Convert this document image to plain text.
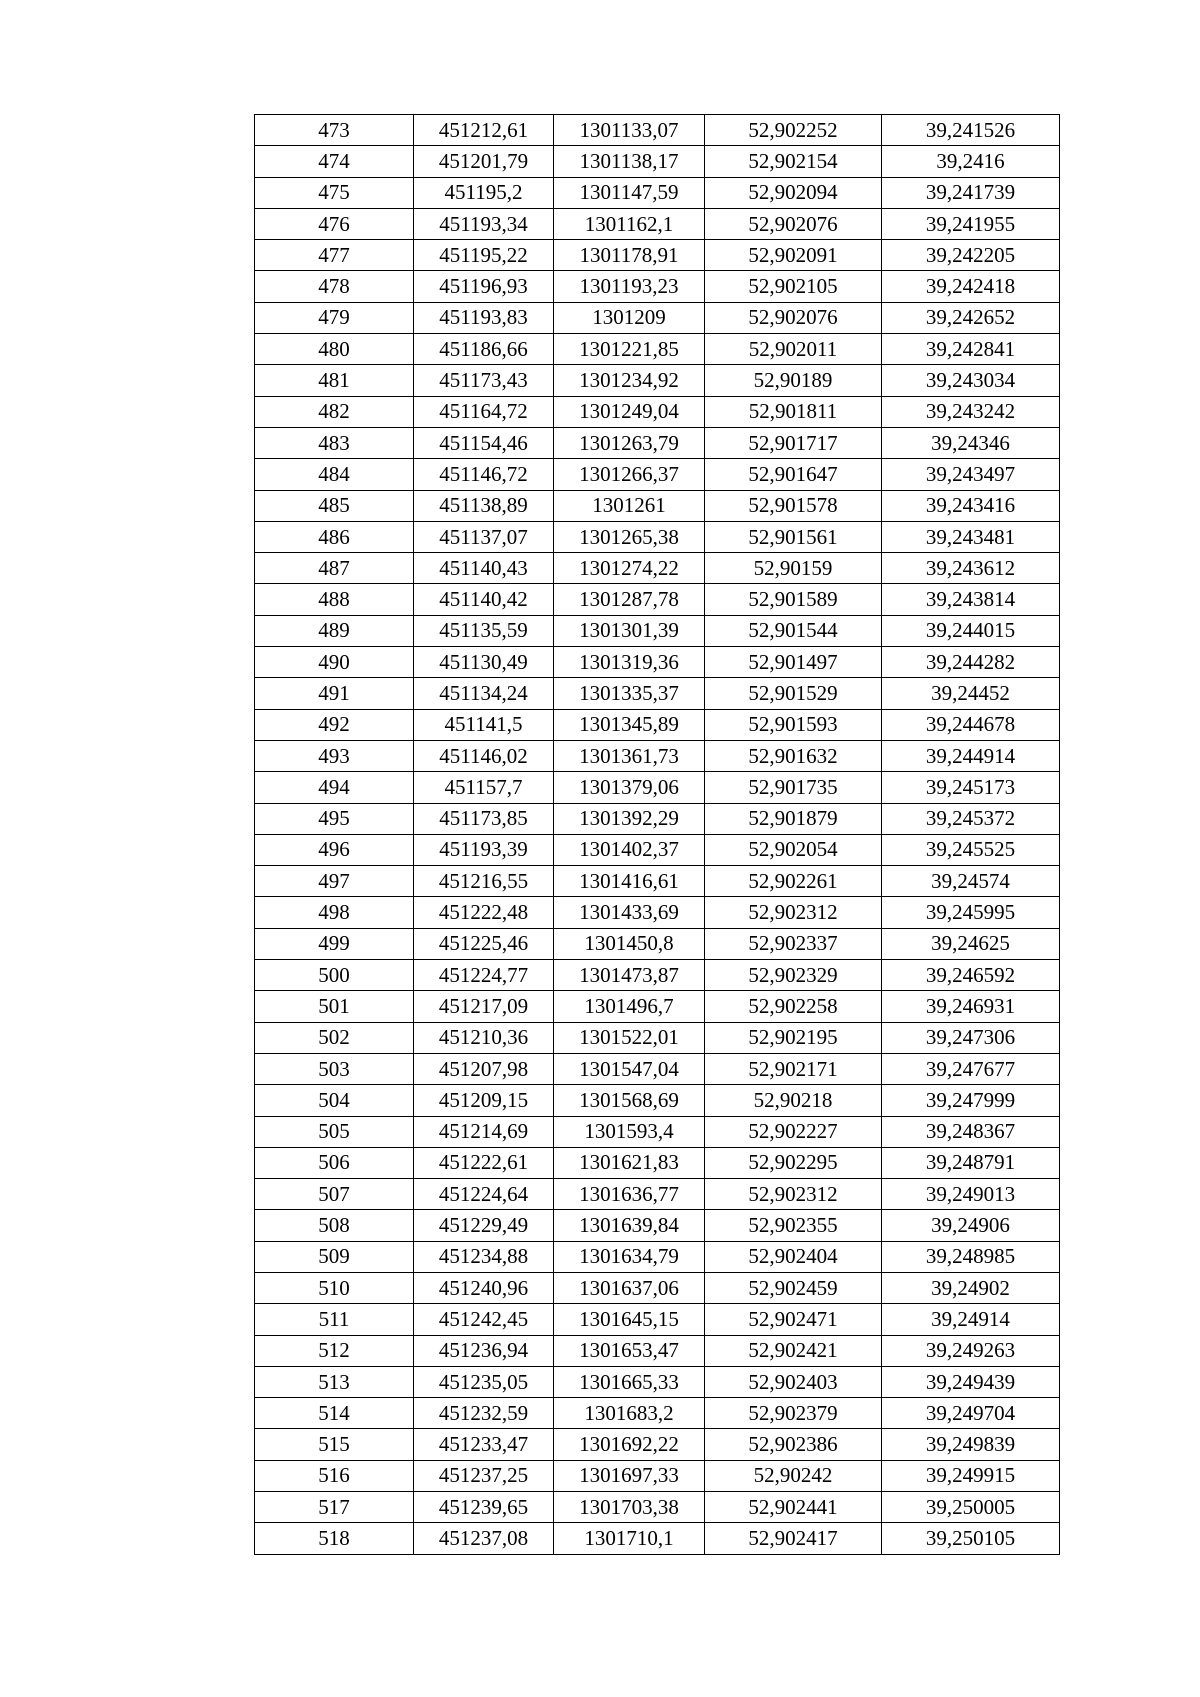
473	451212,61	1301133,07	52,902252	39,241526
474	451201,79	1301138,17	52,902154	39,2416
475	451195,2	1301147,59	52,902094	39,241739
476	451193,34	1301162,1	52,902076	39,241955
477	451195,22	1301178,91	52,902091	39,242205
478	451196,93	1301193,23	52,902105	39,242418
479	451193,83	1301209	52,902076	39,242652
480	451186,66	1301221,85	52,902011	39,242841
481	451173,43	1301234,92	52,90189	39,243034
482	451164,72	1301249,04	52,901811	39,243242
483	451154,46	1301263,79	52,901717	39,24346
484	451146,72	1301266,37	52,901647	39,243497
485	451138,89	1301261	52,901578	39,243416
486	451137,07	1301265,38	52,901561	39,243481
487	451140,43	1301274,22	52,90159	39,243612
488	451140,42	1301287,78	52,901589	39,243814
489	451135,59	1301301,39	52,901544	39,244015
490	451130,49	1301319,36	52,901497	39,244282
491	451134,24	1301335,37	52,901529	39,24452
492	451141,5	1301345,89	52,901593	39,244678
493	451146,02	1301361,73	52,901632	39,244914
494	451157,7	1301379,06	52,901735	39,245173
495	451173,85	1301392,29	52,901879	39,245372
496	451193,39	1301402,37	52,902054	39,245525
497	451216,55	1301416,61	52,902261	39,24574
498	451222,48	1301433,69	52,902312	39,245995
499	451225,46	1301450,8	52,902337	39,24625
500	451224,77	1301473,87	52,902329	39,246592
501	451217,09	1301496,7	52,902258	39,246931
502	451210,36	1301522,01	52,902195	39,247306
503	451207,98	1301547,04	52,902171	39,247677
504	451209,15	1301568,69	52,90218	39,247999
505	451214,69	1301593,4	52,902227	39,248367
506	451222,61	1301621,83	52,902295	39,248791
507	451224,64	1301636,77	52,902312	39,249013
508	451229,49	1301639,84	52,902355	39,24906
509	451234,88	1301634,79	52,902404	39,248985
510	451240,96	1301637,06	52,902459	39,24902
511	451242,45	1301645,15	52,902471	39,24914
512	451236,94	1301653,47	52,902421	39,249263
513	451235,05	1301665,33	52,902403	39,249439
514	451232,59	1301683,2	52,902379	39,249704
515	451233,47	1301692,22	52,902386	39,249839
516	451237,25	1301697,33	52,90242	39,249915
517	451239,65	1301703,38	52,902441	39,250005
518	451237,08	1301710,1	52,902417	39,250105
